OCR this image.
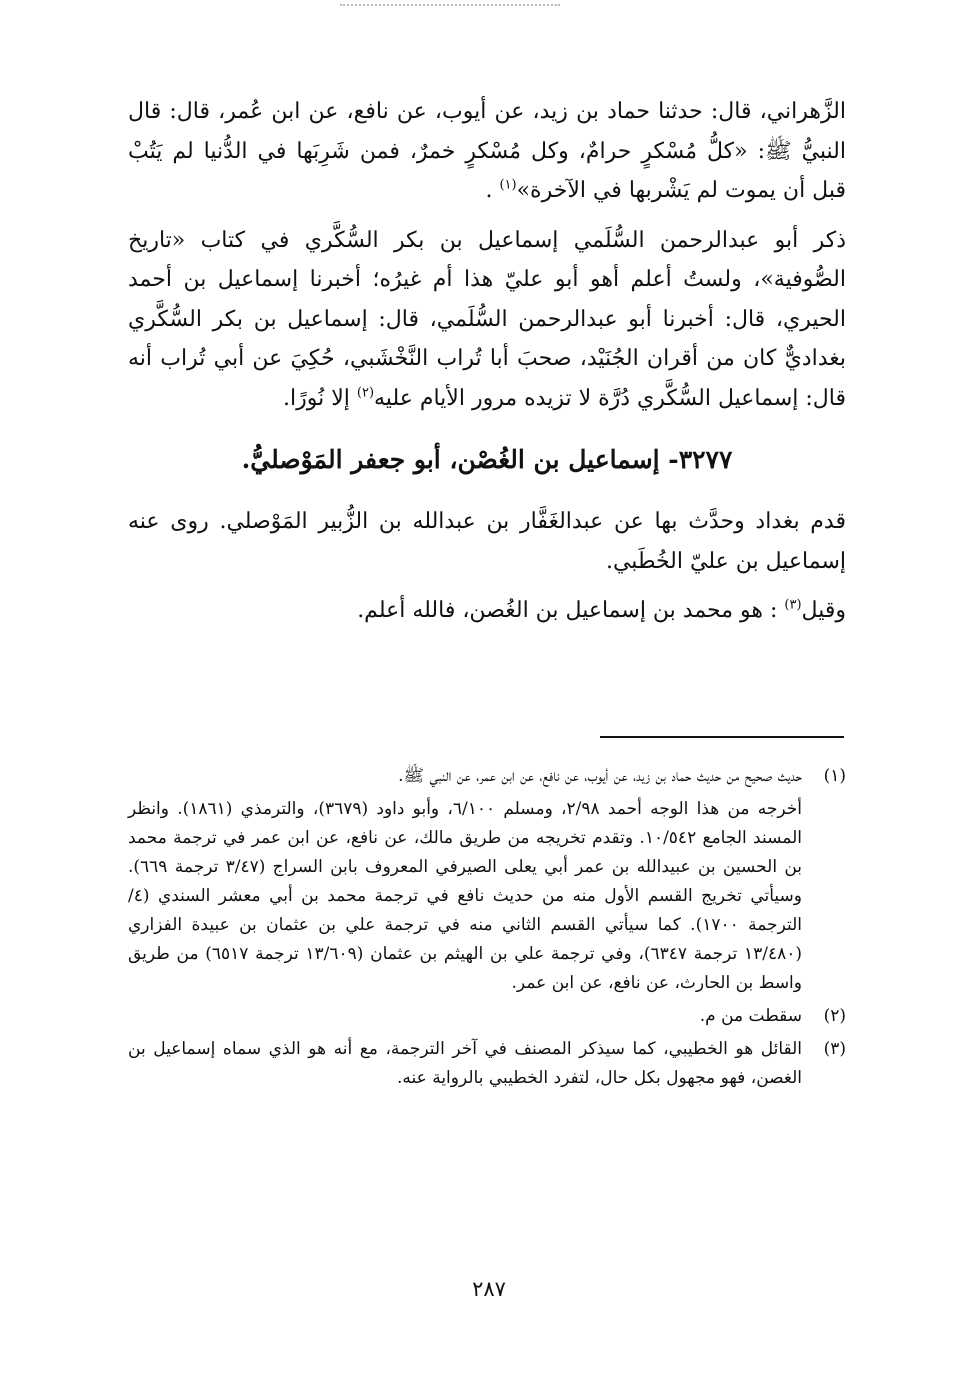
الزَّهراني، قال: حدثنا حماد بن زيد، عن أيوب، عن نافع، عن ابن عُمر، قال: قال النبيُّ ﷺ: «كلُّ مُسْكرٍ حرامٌ، وكل مُسْكرٍ خمرٌ، فمن شَرِبَها في الدُّنيا لم يَتُبْ قبل أن يموت لم يَشْربها في الآخرة»$^{(١)}$ .

ذكر أبو عبدالرحمن السُّلَمي إسماعيل بن بكر السُّكَّري في كتاب «تاريخ الصُّوفية»، ولستُ أعلم أهو أبو عليّ هذا أم غيرُه؛ أخبرنا إسماعيل بن أحمد الحيري، قال: أخبرنا أبو عبدالرحمن السُّلَمي، قال: إسماعيل بن بكر السُّكَّري بغداديٌّ كان من أقران الجُنَيْد، صحبَ أبا تُراب النَّخْشَبي، حُكِيَ عن أبي تُراب أنه قال: إسماعيل السُّكَّري دُرَّة لا تزيده مرور الأيام عليه$^{(٢)}$ إلا نُورًا.

٣٢٧٧- إسماعيل بن الغُصْن، أبو جعفر المَوْصليُّ.

قدم بغداد وحدَّث بها عن عبدالغَفَّار بن عبدالله بن الزُّبير المَوْصلي. روى عنه إسماعيل بن عليّ الخُطَبي.

وقيل$^{(٣)}$ : هو محمد بن إسماعيل بن الغُصن، فالله أعلم.

(١)

حديث صحيح من حديث حماد بن زيد، عن أيوب، عن نافع، عن ابن عمر، عن النبي ﷺ.

أخرجه من هذا الوجه أحمد ٢/٩٨، ومسلم ٦/١٠٠، وأبو داود (٣٦٧٩)، والترمذي (١٨٦١). وانظر المسند الجامع ١٠/٥٤٢. وتقدم تخريجه من طريق مالك، عن نافع، عن ابن عمر في ترجمة محمد بن الحسين بن عبيدالله بن عمر أبي يعلى الصيرفي المعروف بابن السراج (٣/٤٧ ترجمة ٦٦٩). وسيأتي تخريج القسم الأول منه من حديث نافع في ترجمة محمد بن أبي معشر السندي (٤/الترجمة ١٧٠٠). كما سيأتي القسم الثاني منه في ترجمة علي بن عثمان بن عبيدة الفزاري (١٣/٤٨٠ ترجمة ٦٣٤٧)، وفي ترجمة علي بن الهيثم بن عثمان (١٣/٦٠٩ ترجمة ٦٥١٧) من طريق واسط بن الحارث، عن نافع، عن ابن عمر.

(٢)

سقطت من م.

(٣)

القائل هو الخطيبي، كما سيذكر المصنف في آخر الترجمة، مع أنه هو الذي سماه إسماعيل بن الغصن، فهو مجهول بكل حال، لتفرد الخطيبي بالرواية عنه.

٢٨٧
